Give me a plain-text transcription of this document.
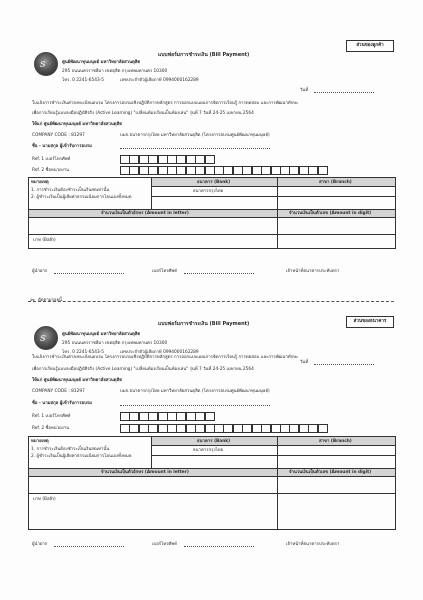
แบบฟอร์มการชำระเงิน (Bill Payment)
ส่วนของลูกค้า
s	ศูนย์พัฒนาทุนมนุษย์ มหาวิทยาลัยสวนดุสิต
295 ถนนนครราชสีมา เขตดุสิต กรุงเทพมหานคร 10300
โทร. 0 2241-6543-5	เลขประจำตัวผู้เสียภาษี 0994000162289
วันที่
ใบแจ้งการชำระเงินค่าลงทะเบียนอบรม โครงการอบรมเชิงปฏิบัติการหลักสูตร การออกแบบแผนการจัดการเรียนรู้ การทดสอบ และการพัฒนาทักษะ
เพื่อการเรียนรู้แบบลงมือปฏิบัติจริง (Active Learning) "เปลี่ยนห้องเรียนเป็นห้องเล่น" รุ่นที่ 7 วันที่ 24-25 เมษายน 2564
ให้แก่ ศูนย์พัฒนาทุนมนุษย์ มหาวิทยาลัยสวนดุสิต
COMPANY CODE : 81297	บมจ.ธนาคารกรุงไทย มหาวิทยาลัยสวนดุสิต (โครงการอบรมศูนย์พัฒนาทุนมนุษย์)
ชื่อ - นามสกุล ผู้เข้ารับการอบรม
Ref. 1 เบอร์โทรศัพท์
Ref. 2 ชื่อหน่วยงาน
หมายเหตุ
1. การชำระเงินต้องชำระเป็นเงินสดเท่านั้น
2. ผู้ชำระเงินเป็นผู้เสียค่าธรรมเนียมการโอนเองทั้งหมด
ธนาคาร (Bank)	สาขา (Branch)
ธนาคารกรุงไทย
จำนวนเงินเป็นตัวอักษร (Amount in letter)	จำนวนเงินเป็นตัวเลข (Amount in digit)
บาท (Bath)
ผู้นำฝาก	เบอร์โทรศัพท์	เจ้าหน้าที่ธนาคารประทับตรา
✂ ตัดตามรอยนี้
แบบฟอร์มการชำระเงิน (Bill Payment)	ส่วนของธนาคาร
s	ศูนย์พัฒนาทุนมนุษย์ มหาวิทยาลัยสวนดุสิต
295 ถนนนครราชสีมา เขตดุสิต กรุงเทพมหานคร 10300
โทร. 0 2241-6543-5	เลขประจำตัวผู้เสียภาษี 0994000162289
วันที่
ใบแจ้งการชำระเงินค่าลงทะเบียนอบรม โครงการอบรมเชิงปฏิบัติการหลักสูตร การออกแบบแผนการจัดการเรียนรู้ การทดสอบ และการพัฒนาทักษะ
เพื่อการเรียนรู้แบบลงมือปฏิบัติจริง (Active Learning) "เปลี่ยนห้องเรียนเป็นห้องเล่น" รุ่นที่ 7 วันที่ 24-25 เมษายน 2564
ให้แก่ ศูนย์พัฒนาทุนมนุษย์ มหาวิทยาลัยสวนดุสิต
COMPANY CODE : 81297	บมจ.ธนาคารกรุงไทย มหาวิทยาลัยสวนดุสิต (โครงการอบรมศูนย์พัฒนาทุนมนุษย์)
ชื่อ - นามสกุล ผู้เข้ารับการอบรม
Ref. 1 เบอร์โทรศัพท์
Ref. 2 ชื่อหน่วยงาน
หมายเหตุ
1. การชำระเงินต้องชำระเป็นเงินสดเท่านั้น
2. ผู้ชำระเงินเป็นผู้เสียค่าธรรมเนียมการโอนเองทั้งหมด
ธนาคาร (Bank)	สาขา (Branch)
ธนาคารกรุงไทย
จำนวนเงินเป็นตัวอักษร (Amount in letter)	จำนวนเงินเป็นตัวเลข (Amount in digit)
บาท (Bath)
ผู้นำฝาก	เบอร์โทรศัพท์	เจ้าหน้าที่ธนาคารประทับตรา
